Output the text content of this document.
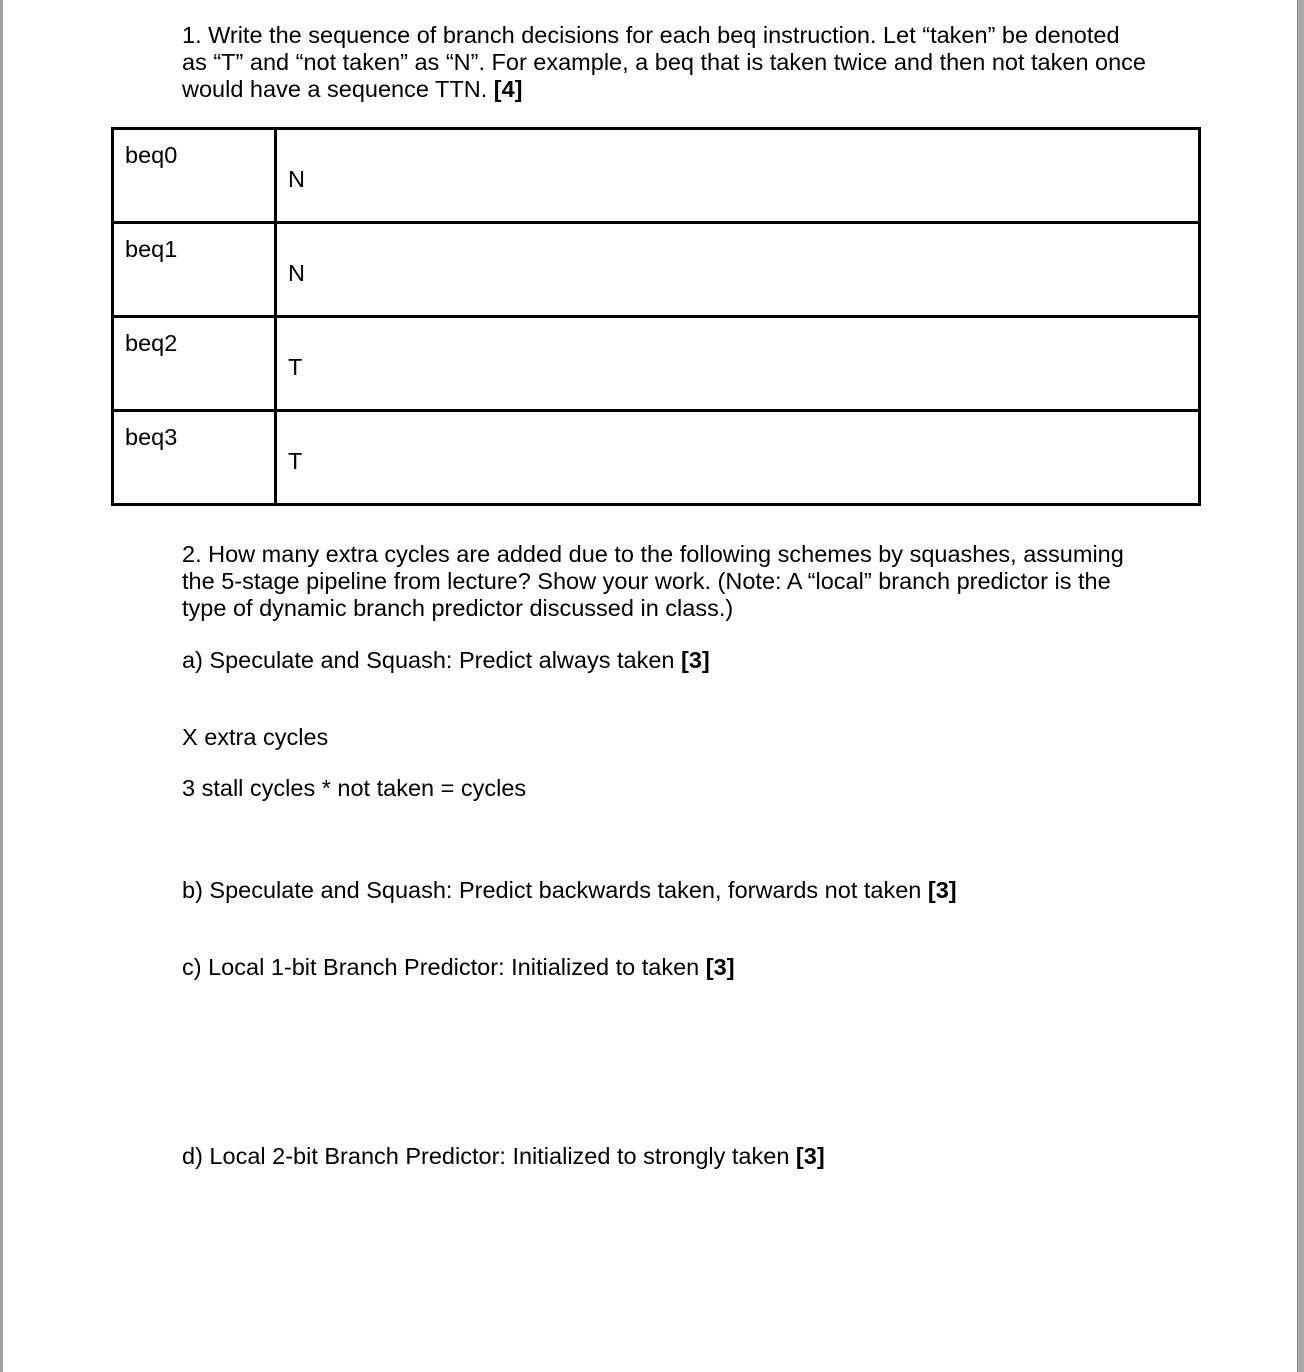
1. Write the sequence of branch decisions for each beq instruction. Let “taken” be denoted
as “T” and “not taken” as “N”. For example, a beq that is taken twice and then not taken once
would have a sequence TTN. [4]
beq0	N

beq1	N

beq2	T

beq3	T
2. How many extra cycles are added due to the following schemes by squashes, assuming
the 5-stage pipeline from lecture? Show your work. (Note: A “local” branch predictor is the
type of dynamic branch predictor discussed in class.)
a) Speculate and Squash: Predict always taken [3]
X extra cycles
3 stall cycles * not taken = cycles
b) Speculate and Squash: Predict backwards taken, forwards not taken [3]
c) Local 1-bit Branch Predictor: Initialized to taken [3]
d) Local 2-bit Branch Predictor: Initialized to strongly taken [3]
